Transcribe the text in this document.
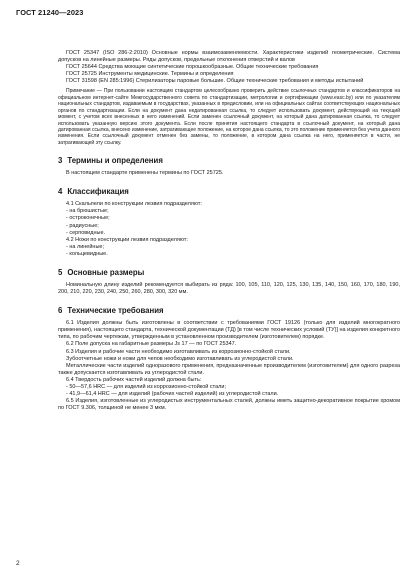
ГОСТ 21240—2023

ГОСТ 25347 (ISO 286-2:2010) Основные нормы взаимозаменяемости. Характеристики изделий геометрические. Система допусков на линейные размеры. Ряды допусков, предельные отклонения отверстий и валов

ГОСТ 25644 Средства моющие синтетические порошкообразные. Общие технические требования

ГОСТ 25725 Инструменты медицинские. Термины и определения

ГОСТ 31598 (EN 285:1996) Стерилизаторы паровые большие. Общие технические требования и методы испытаний

Примечание — При пользовании настоящим стандартом целесообразно проверить действие ссылочных стандартов и классификаторов на официальном интернет-сайте Межгосударственного совета по стандартизации, метрологии и сертификации (www.easc.by) или по указателям национальных стандартов, издаваемым в государствах, указанных в предисловии, или на официальных сайтах соответствующих национальных органов по стандартизации. Если на документ дана недатированная ссылка, то следует использовать документ, действующий на текущий момент, с учетом всех внесенных в него изменений. Если заменен ссылочный документ, на который дана датированная ссылка, то следует использовать указанную версию этого документа. Если после принятия настоящего стандарта в ссылочный документ, на который дана датированная ссылка, внесено изменение, затрагивающее положение, на которое дана ссылка, то это положение применяется без учета данного изменения. Если ссылочный документ отменен без замены, то положение, в котором дана ссылка на него, применяется в части, не затрагивающей эту ссылку.

3 Термины и определения

В настоящем стандарте применены термины по ГОСТ 25725.

4 Классификация

4.1 Скальпели по конструкции лезвия подразделяют:

- на брюшистые;

- остроконечные;

- радиусные;

- серповидные.

4.2 Ножи по конструкции лезвия подразделяют:

- на линейные;

- кольцевидные.

5 Основные размеры

Номинальную длину изделий рекомендуется выбирать из ряда: 100, 105, 110, 120, 125, 130, 135, 140, 150, 160, 170, 180, 190, 200, 210, 220, 230, 240, 250, 260, 280, 300, 320 мм.

6 Технические требования

6.1 Изделия должны быть изготовлены в соответствии с требованиями ГОСТ 19126 (только для изделий многократного применения), настоящего стандарта, технической документации (ТД) [в том числе технических условий (ТУ)] на изделия конкретного типа, по рабочим чертежам, утвержденным в установленном производителем (изготовителем) порядке.

6.2 Поле допуска на габаритные размеры Js 17 — по ГОСТ 25347.

6.3 Изделия и рабочие части необходимо изготавливать из коррозионно-стойкой стали.

Зубоотчетные ножи и ножи для чепов необходимо изготавливать из углеродистой стали.

Металлические части изделий одноразового применения, предназначенные производителем (изготовителем) для одного разреза также допускается изготавливать из углеродистой стали.

6.4 Твердость рабочих частей изделий должна быть:

- 50—57,6 HRC — для изделий из коррозионно-стойкой стали;

- 41,9—61,4 HRC — для изделий (рабочих частей изделий) из углеродистой стали.

6.5 Изделия, изготовленные из углеродистых инструментальных сталей, должны иметь защитно-декоративное покрытие хромом по ГОСТ 9.306, толщиной не менее 3 мкм.

2
